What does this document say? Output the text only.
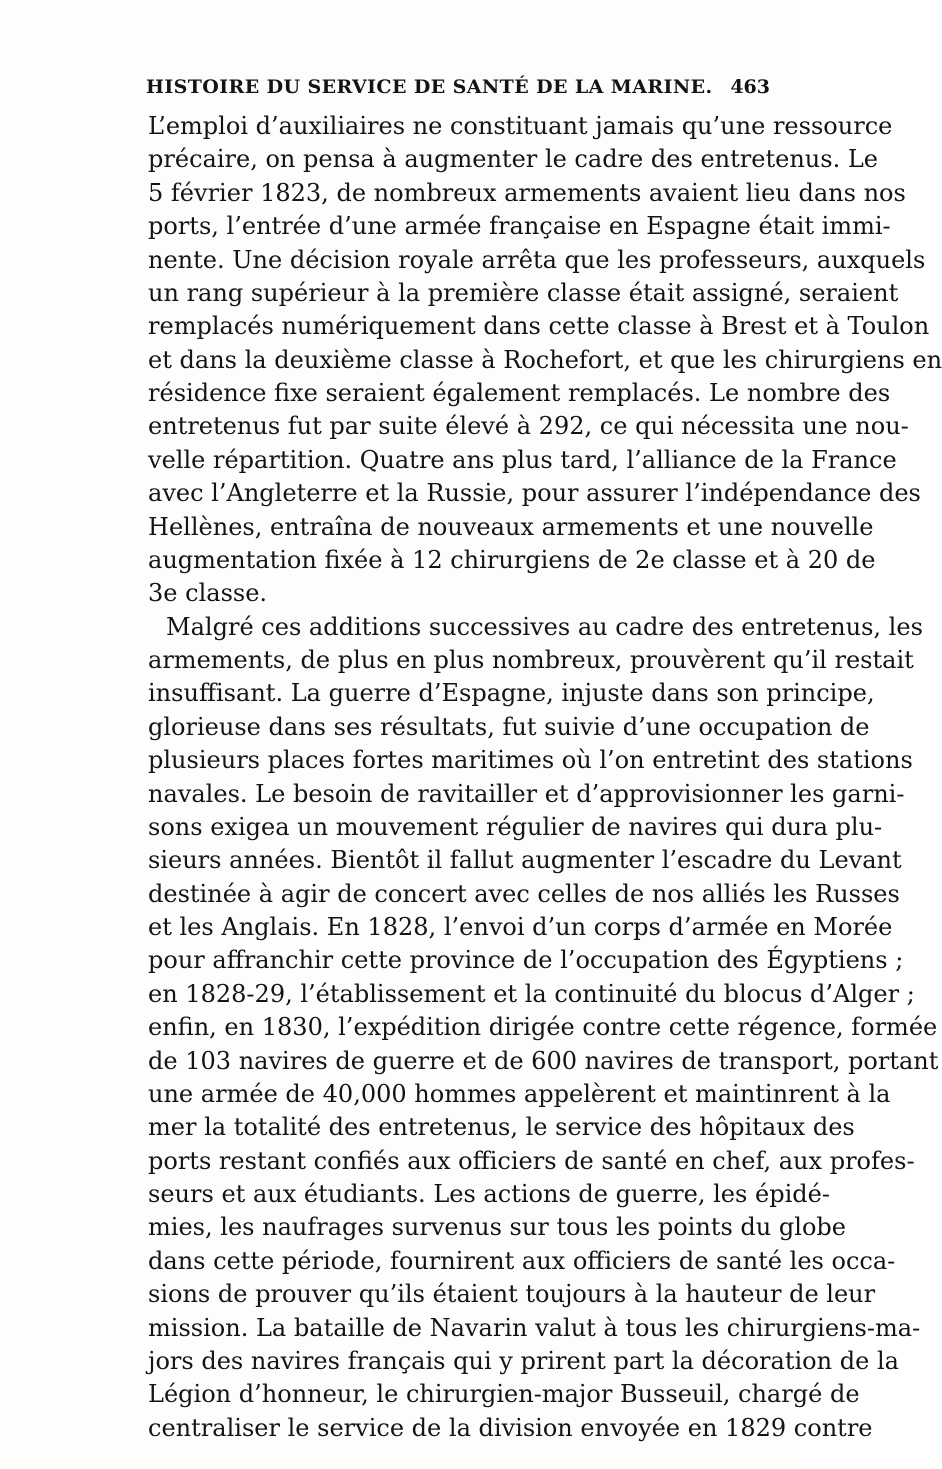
HISTOIRE DU SERVICE DE SANTÉ DE LA MARINE. 463
L’emploi d’auxiliaires ne constituant jamais qu’une ressource
précaire, on pensa à augmenter le cadre des entretenus. Le
5 février 1823, de nombreux armements avaient lieu dans nos
ports, l’entrée d’une armée française en Espagne était immi-
nente. Une décision royale arrêta que les professeurs, auxquels
un rang supérieur à la première classe était assigné, seraient
remplacés numériquement dans cette classe à Brest et à Toulon
et dans la deuxième classe à Rochefort, et que les chirurgiens en
résidence fixe seraient également remplacés. Le nombre des
entretenus fut par suite élevé à 292, ce qui nécessita une nou-
velle répartition. Quatre ans plus tard, l’alliance de la France
avec l’Angleterre et la Russie, pour assurer l’indépendance des
Hellènes, entraîna de nouveaux armements et une nouvelle
augmentation fixée à 12 chirurgiens de 2e classe et à 20 de
3e classe.
Malgré ces additions successives au cadre des entretenus, les
armements, de plus en plus nombreux, prouvèrent qu’il restait
insuffisant. La guerre d’Espagne, injuste dans son principe,
glorieuse dans ses résultats, fut suivie d’une occupation de
plusieurs places fortes maritimes où l’on entretint des stations
navales. Le besoin de ravitailler et d’approvisionner les garni-
sons exigea un mouvement régulier de navires qui dura plu-
sieurs années. Bientôt il fallut augmenter l’escadre du Levant
destinée à agir de concert avec celles de nos alliés les Russes
et les Anglais. En 1828, l’envoi d’un corps d’armée en Morée
pour affranchir cette province de l’occupation des Égyptiens ;
en 1828-29, l’établissement et la continuité du blocus d’Alger ;
enfin, en 1830, l’expédition dirigée contre cette régence, formée
de 103 navires de guerre et de 600 navires de transport, portant
une armée de 40,000 hommes appelèrent et maintinrent à la
mer la totalité des entretenus, le service des hôpitaux des
ports restant confiés aux officiers de santé en chef, aux profes-
seurs et aux étudiants. Les actions de guerre, les épidé-
mies, les naufrages survenus sur tous les points du globe
dans cette période, fournirent aux officiers de santé les occa-
sions de prouver qu’ils étaient toujours à la hauteur de leur
mission. La bataille de Navarin valut à tous les chirurgiens-ma-
jors des navires français qui y prirent part la décoration de la
Légion d’honneur, le chirurgien-major Busseuil, chargé de
centraliser le service de la division envoyée en 1829 contre
